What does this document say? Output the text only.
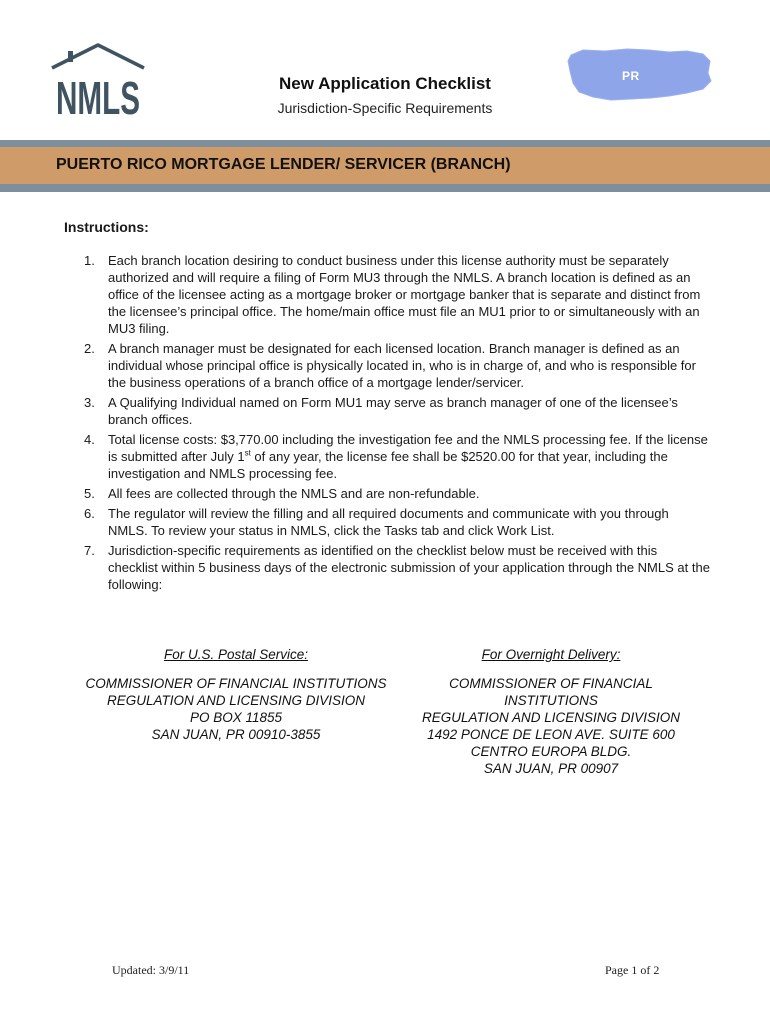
NMLS	New Application Checklist
Jurisdiction-Specific Requirements
PR
PUERTO RICO MORTGAGE LENDER/ SERVICER (BRANCH)
Instructions:
1. Each branch location desiring to conduct business under this license authority must be separately authorized and will require a filing of Form MU3 through the NMLS. A branch location is defined as an office of the licensee acting as a mortgage broker or mortgage banker that is separate and distinct from the licensee’s principal office. The home/main office must file an MU1 prior to or simultaneously with an MU3 filing.
2. A branch manager must be designated for each licensed location. Branch manager is defined as an individual whose principal office is physically located in, who is in charge of, and who is responsible for the business operations of a branch office of a mortgage lender/servicer.
3. A Qualifying Individual named on Form MU1 may serve as branch manager of one of the licensee’s branch offices.
4. Total license costs: $3,770.00 including the investigation fee and the NMLS processing fee. If the license is submitted after July 1st of any year, the license fee shall be $2520.00 for that year, including the investigation and NMLS processing fee.
5. All fees are collected through the NMLS and are non-refundable.
6. The regulator will review the filling and all required documents and communicate with you through NMLS. To review your status in NMLS, click the Tasks tab and click Work List.
7. Jurisdiction-specific requirements as identified on the checklist below must be received with this checklist within 5 business days of the electronic submission of your application through the NMLS at the following:
For U.S. Postal Service:
COMMISSIONER OF FINANCIAL INSTITUTIONS
REGULATION AND LICENSING DIVISION
PO BOX 11855
SAN JUAN, PR 00910-3855
For Overnight Delivery:
COMMISSIONER OF FINANCIAL
INSTITUTIONS
REGULATION AND LICENSING DIVISION
1492 PONCE DE LEON AVE. SUITE 600
CENTRO EUROPA BLDG.
SAN JUAN, PR 00907
Updated: 3/9/11	Page 1 of 2
